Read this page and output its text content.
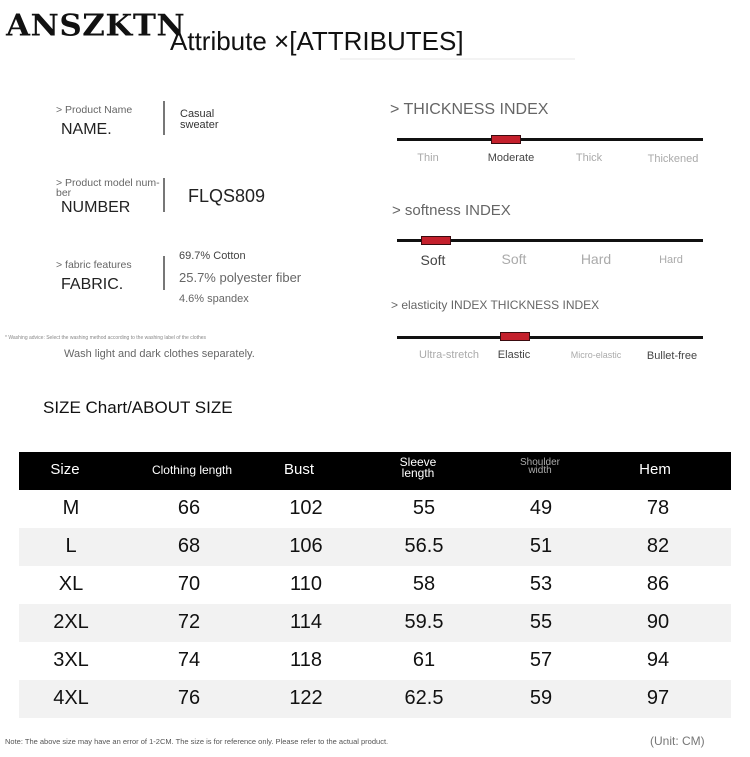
ANSZKTN
Attribute ×[ATTRIBUTES]
> Product Name
NAME.
Casual
sweater
> Product model num-
ber
NUMBER
FLQS809
> fabric features
FABRIC.
69.7% Cotton
25.7% polyester fiber
4.6% spandex
* Washing advice: Select the washing method according to the washing label of the clothes
Wash light and dark clothes separately.
> THICKNESS INDEX
Thin	Moderate	Thick	Thickened
> softness INDEX
Soft	Soft	Hard	Hard
> elasticity INDEX THICKNESS INDEX
Ultra-stretch Elastic	Micro-elastic Bullet-free
SIZE Chart/ABOUT SIZE
Size	Clothing length	Bust	Sleeve
length
Shoulder
width	Hem
M	66	102	55	49	78
L	68	106	56.5	51	82
XL	70	110	58	53	86
2XL	72	114	59.5	55	90
3XL	74	118	61	57	94
4XL	76	122	62.5	59	97
Note: The above size may have an error of 1-2CM. The size is for reference only. Please refer to the actual product.	(Unit: CM)
